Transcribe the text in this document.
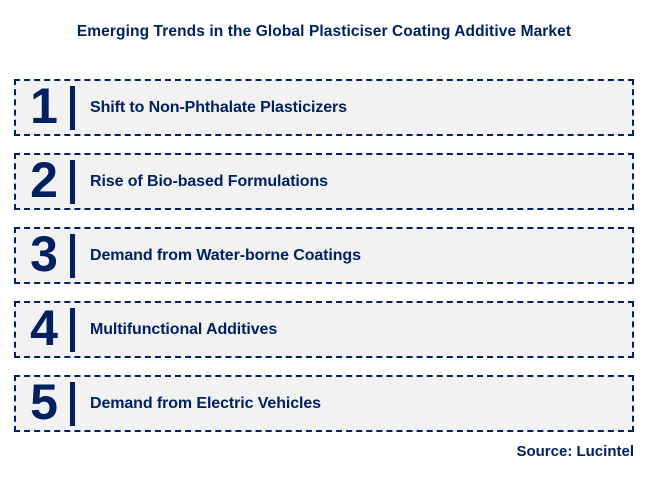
Emerging Trends in the Global Plasticiser Coating Additive Market
1	Shift to Non-Phthalate Plasticizers
2	Rise of Bio-based Formulations
3	Demand from Water-borne Coatings
4	Multifunctional Additives
5	Demand from Electric Vehicles
Source: Lucintel
